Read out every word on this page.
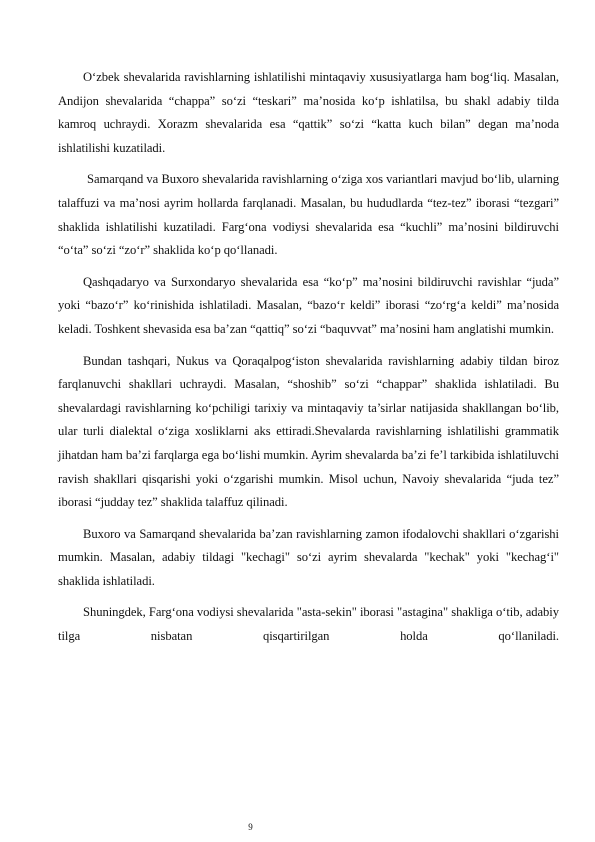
O‘zbek shevalarida ravishlarning ishlatilishi mintaqaviy xususiyatlarga ham bog‘liq. Masalan, Andijon shevalarida “chappa” so‘zi “teskari” ma’nosida ko‘p ishlatilsa, bu shakl adabiy tilda kamroq uchraydi. Xorazm shevalarida esa “qattik” so‘zi “katta kuch bilan” degan ma’noda ishlatilishi kuzatiladi.

Samarqand va Buxoro shevalarida ravishlarning o‘ziga xos variantlari mavjud bo‘lib, ularning talaffuzi va ma’nosi ayrim hollarda farqlanadi. Masalan, bu hududlarda “tez-tez” iborasi “tezgari” shaklida ishlatilishi kuzatiladi. Farg‘ona vodiysi shevalarida esa “kuchli” ma’nosini bildiruvchi “o‘ta” so‘zi “zo‘r” shaklida ko‘p qo‘llanadi.

Qashqadaryo va Surxondaryo shevalarida esa “ko‘p” ma’nosini bildiruvchi ravishlar “juda” yoki “bazo‘r” ko‘rinishida ishlatiladi. Masalan, “bazo‘r keldi” iborasi “zo‘rg‘a keldi” ma’nosida keladi. Toshkent shevasida esa ba’zan “qattiq” so‘zi “baquvvat” ma’nosini ham anglatishi mumkin.

Bundan tashqari, Nukus va Qoraqalpog‘iston shevalarida ravishlarning adabiy tildan biroz farqlanuvchi shakllari uchraydi. Masalan, “shoshib” so‘zi “chappar” shaklida ishlatiladi. Bu shevalardagi ravishlarning ko‘pchiligi tarixiy va mintaqaviy ta’sirlar natijasida shakllangan bo‘lib, ular turli dialektal o‘ziga xosliklarni aks ettiradi.Shevalarda ravishlarning ishlatilishi grammatik jihatdan ham ba’zi farqlarga ega bo‘lishi mumkin. Ayrim shevalarda ba’zi fe’l tarkibida ishlatiluvchi ravish shakllari qisqarishi yoki o‘zgarishi mumkin. Misol uchun, Navoiy shevalarida “juda tez” iborasi “judday tez” shaklida talaffuz qilinadi.

Buxoro va Samarqand shevalarida ba’zan ravishlarning zamon ifodalovchi shakllari o‘zgarishi mumkin. Masalan, adabiy tildagi "kechagi" so‘zi ayrim shevalarda "kechak" yoki "kechag‘i" shaklida ishlatiladi.

Shuningdek, Farg‘ona vodiysi shevalarida "asta-sekin" iborasi "astagina" shakliga o‘tib, adabiy tilga nisbatan qisqartirilgan holda qo‘llaniladi.

9
